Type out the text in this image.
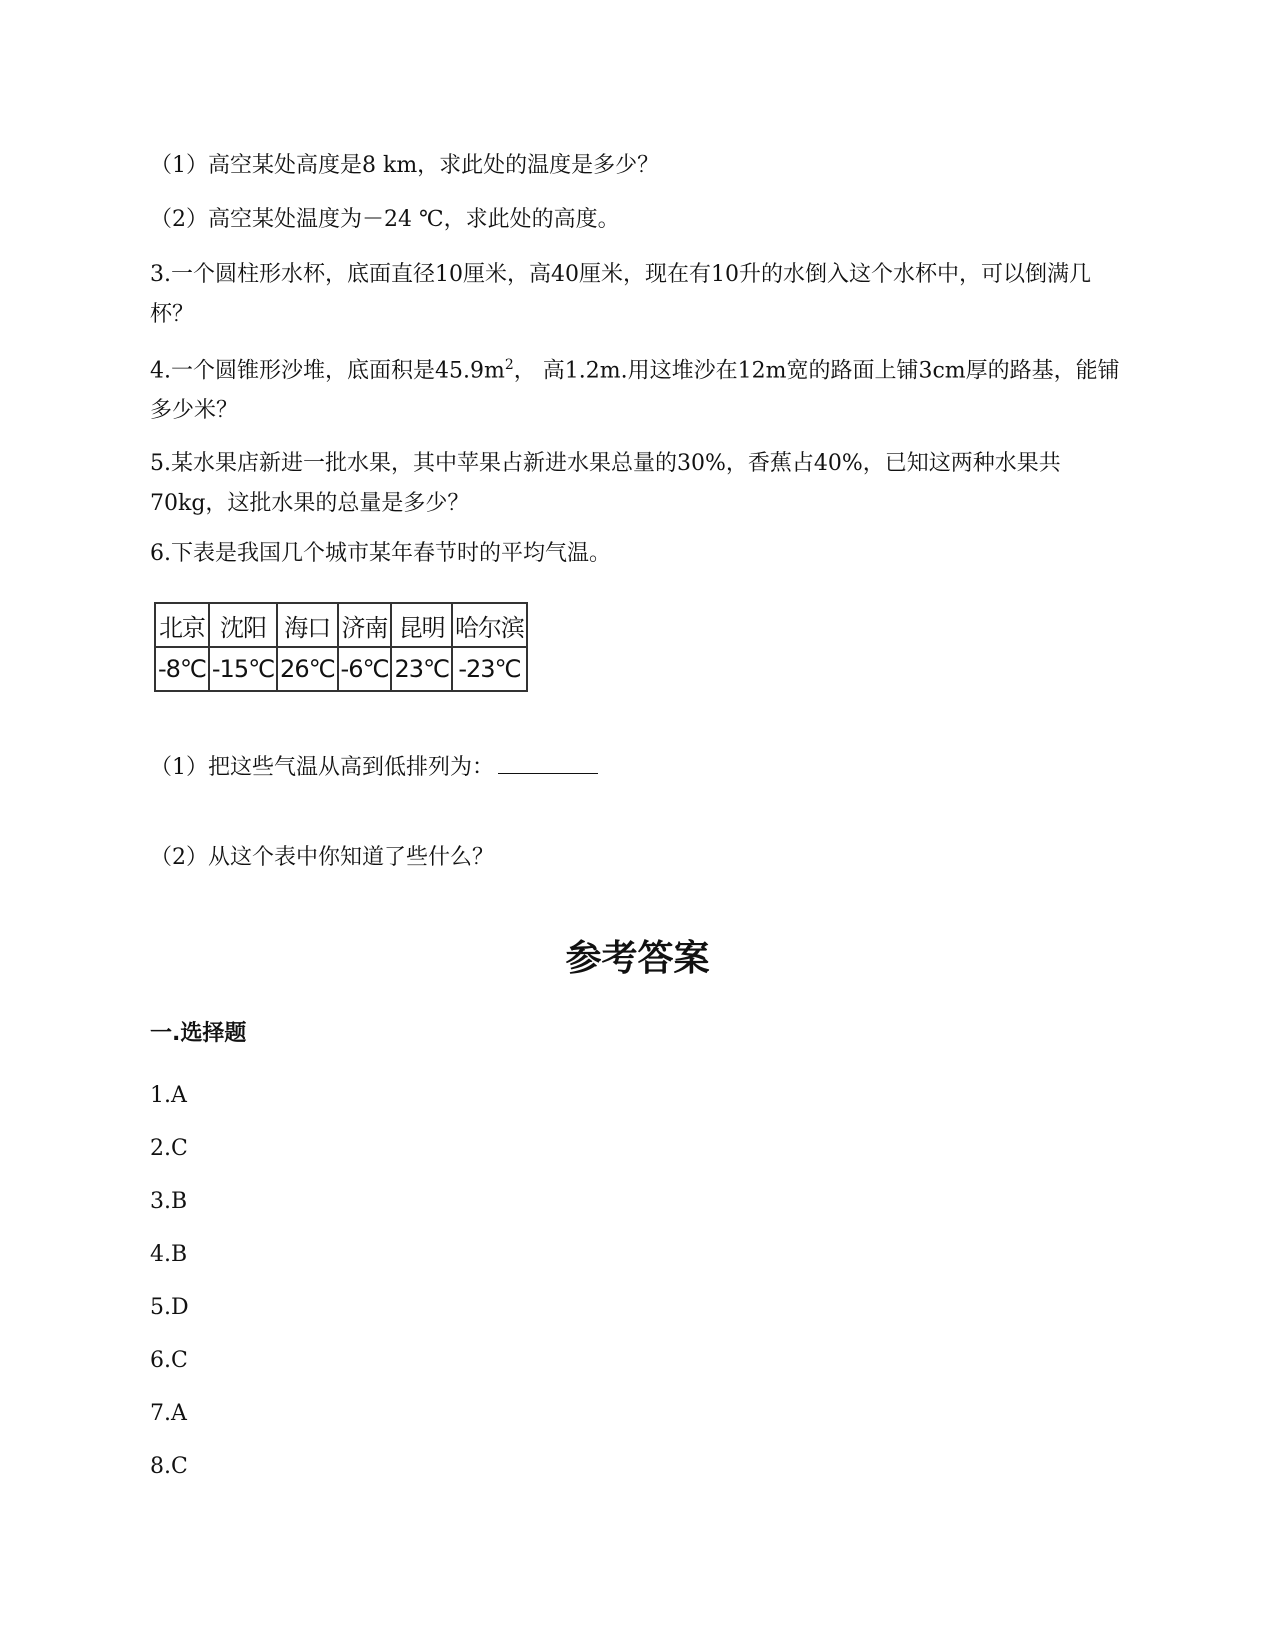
（1）高空某处高度是8 km，求此处的温度是多少？
（2）高空某处温度为－24 ℃，求此处的高度。
3.一个圆柱形水杯，底面直径10厘米，高40厘米，现在有10升的水倒入这个水杯中，可以倒满几杯？
4.一个圆锥形沙堆，底面积是$45.9m^2$， 高1.2m.用这堆沙在12m宽的路面上铺3cm厚的路基，能铺多少米？
5.某水果店新进一批水果，其中苹果占新进水果总量的30%，香蕉占40%，已知这两种水果共70kg，这批水果的总量是多少？
6.下表是我国几个城市某年春节时的平均气温。
北京	沈阳	海口	济南	昆明	哈尔滨
-8℃	-15℃	26℃	-6℃	23℃	-23℃
（1）把这些气温从高到低排列为：
（2）从这个表中你知道了些什么？
参考答案
一.选择题
1.A
2.C
3.B
4.B
5.D
6.C
7.A
8.C
